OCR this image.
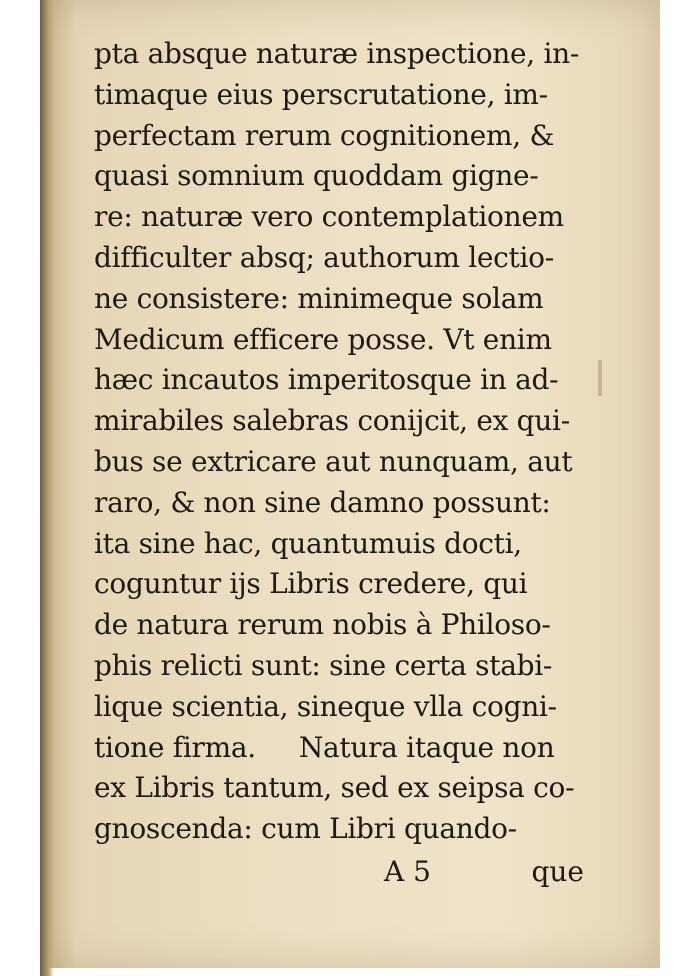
pta absque naturæ inspectione, in-
timaque eius perscrutatione, im-
perfectam rerum cognitionem, &
quasi somnium quoddam gigne-
re: naturæ vero contemplationem
difficulter absq; authorum lectio-
ne consistere: minimeque solam
Medicum efficere posse. Vt enim
hæc incautos imperitosque in ad-
mirabiles salebras conijcit, ex qui-
bus se extricare aut nunquam, aut
raro, & non sine damno possunt:
ita sine hac, quantumuis docti,
coguntur ijs Libris credere, qui
de natura rerum nobis à Philoso-
phis relicti sunt: sine certa stabi-
lique scientia, sineque vlla cogni-
tione firma.     Natura itaque non
ex Libris tantum, sed ex seipsa co-
gnoscenda: cum Libri quando-
A 5	que
